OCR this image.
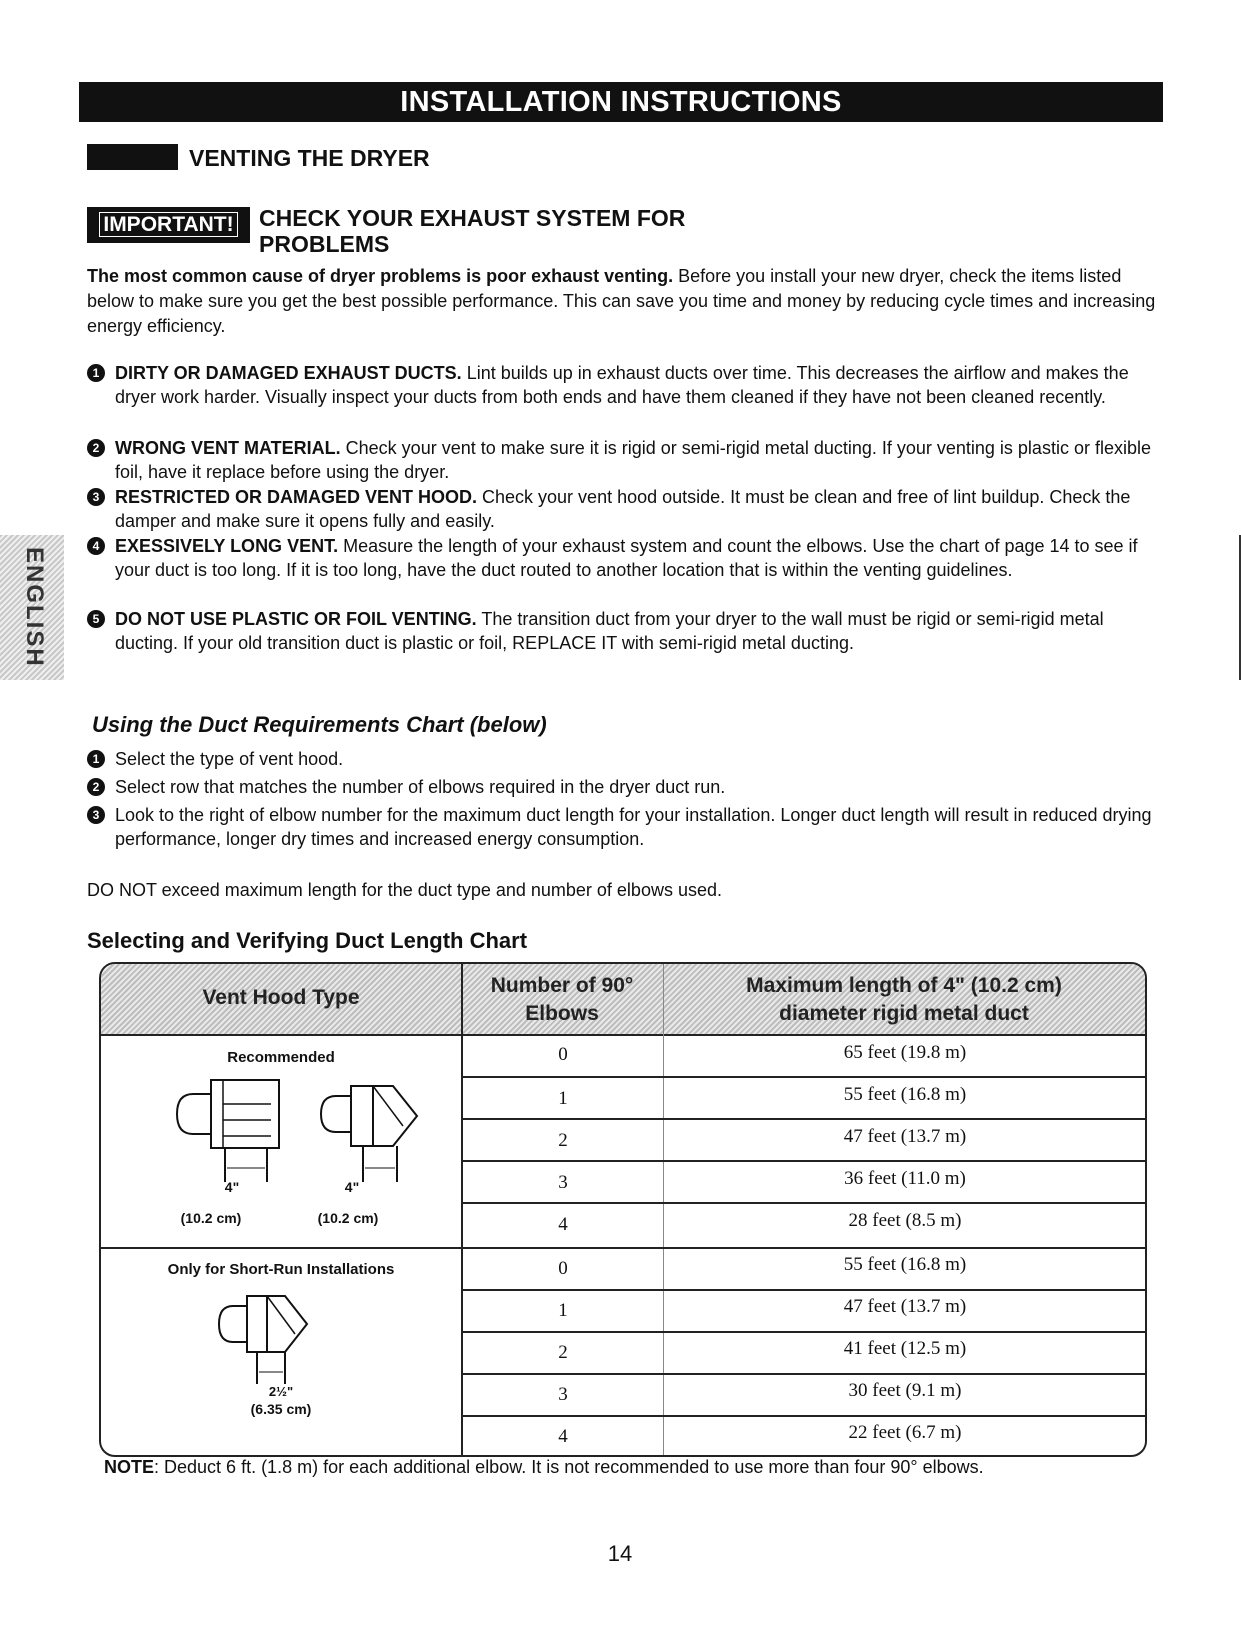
INSTALLATION INSTRUCTIONS
VENTING THE DRYER
IMPORTANT!	CHECK YOUR EXHAUST SYSTEM FOR
PROBLEMS
The most common cause of dryer problems is poor exhaust venting. Before you install your new dryer, check the items listed below to make sure you get the best possible performance. This can save you time and money by reducing cycle times and increasing energy efficiency.
1 DIRTY OR DAMAGED EXHAUST DUCTS. Lint builds up in exhaust ducts over time. This decreases the airflow and makes the dryer work harder. Visually inspect your ducts from both ends and have them cleaned if they have not been cleaned recently.
2 WRONG VENT MATERIAL. Check your vent to make sure it is rigid or semi-rigid metal ducting. If your venting is plastic or flexible foil, have it replace before using the dryer.
3 RESTRICTED OR DAMAGED VENT HOOD. Check your vent hood outside. It must be clean and free of lint buildup. Check the damper and make sure it opens fully and easily.
4 EXESSIVELY LONG VENT. Measure the length of your exhaust system and count the elbows. Use the chart of page 14 to see if your duct is too long. If it is too long, have the duct routed to another location that is within the venting guidelines.
5 DO NOT USE PLASTIC OR FOIL VENTING. The transition duct from your dryer to the wall must be rigid or semi-rigid metal ducting. If your old transition duct is plastic or foil, REPLACE IT with semi-rigid metal ducting.
ENGLISH
Using the Duct Requirements Chart (below)
1 Select the type of vent hood.
2 Select row that matches the number of elbows required in the dryer duct run.
3 Look to the right of elbow number for the maximum duct length for your installation. Longer duct length will result in reduced drying performance, longer dry times and increased energy consumption.
DO NOT exceed maximum length for the duct type and number of elbows used.
Selecting and Verifying Duct Length Chart
Vent Hood Type
Number of 90°
Elbows
Maximum length of 4" (10.2 cm)
diameter rigid metal duct
Recommended
4"	4"
(10.2 cm)	(10.2 cm)
Only for Short-Run Installations
2½"
(6.35 cm)
0	65 feet (19.8 m)
1	55 feet (16.8 m)
2	47 feet (13.7 m)
3	36 feet (11.0 m)
4	28 feet (8.5 m)
0	55 feet (16.8 m)
1	47 feet (13.7 m)
2	41 feet (12.5 m)
3	30 feet (9.1 m)
4	22 feet (6.7 m)
NOTE: Deduct 6 ft. (1.8 m) for each additional elbow. It is not recommended to use more than four 90° elbows.
14
